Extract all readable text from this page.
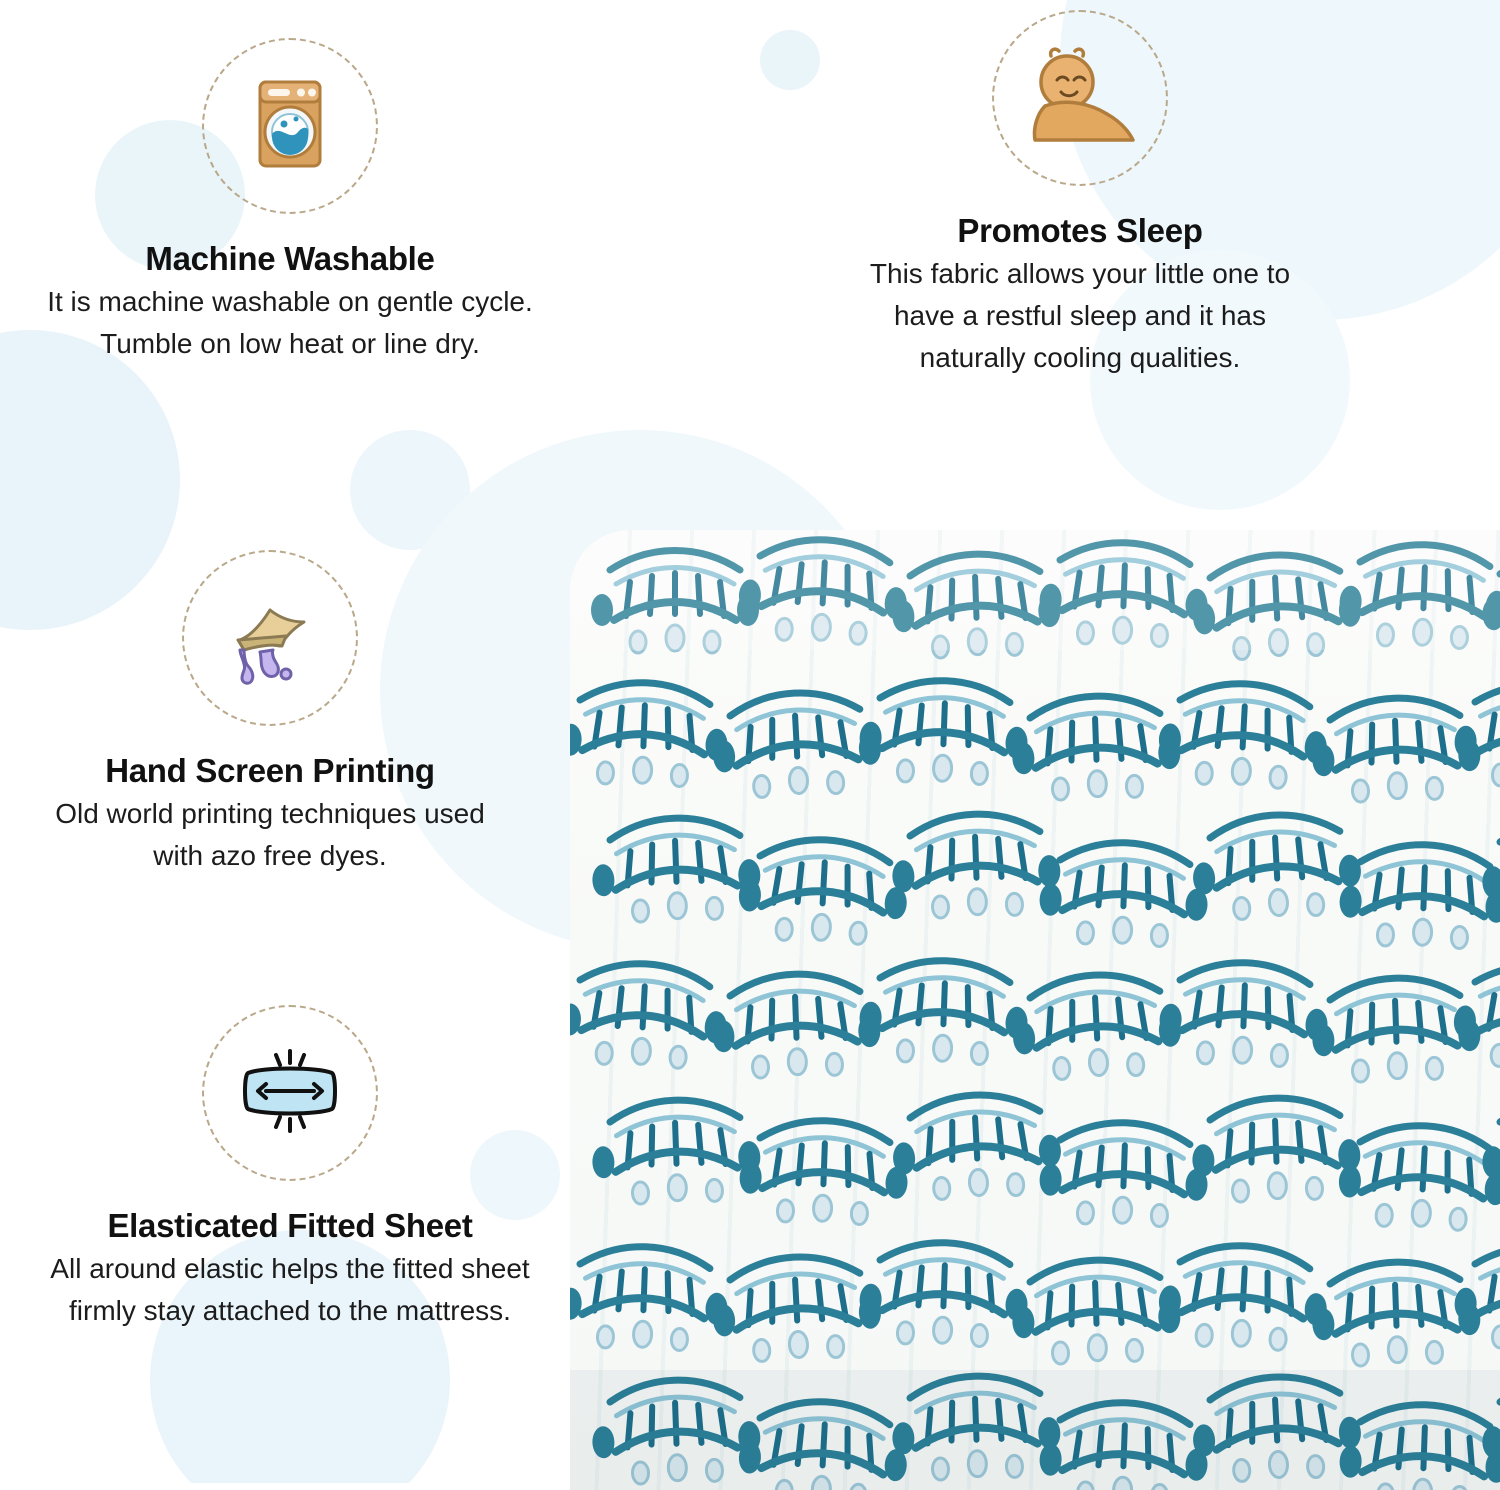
Machine Washable

It is machine washable on gentle cycle.

Tumble on low heat or line dry.

Promotes Sleep

This fabric allows your little one to

have a restful sleep and it has

naturally cooling qualities.

Hand Screen Printing

Old world printing techniques used

with azo free dyes.

Elasticated Fitted Sheet

All around elastic helps the fitted sheet

firmly stay attached to the mattress.
